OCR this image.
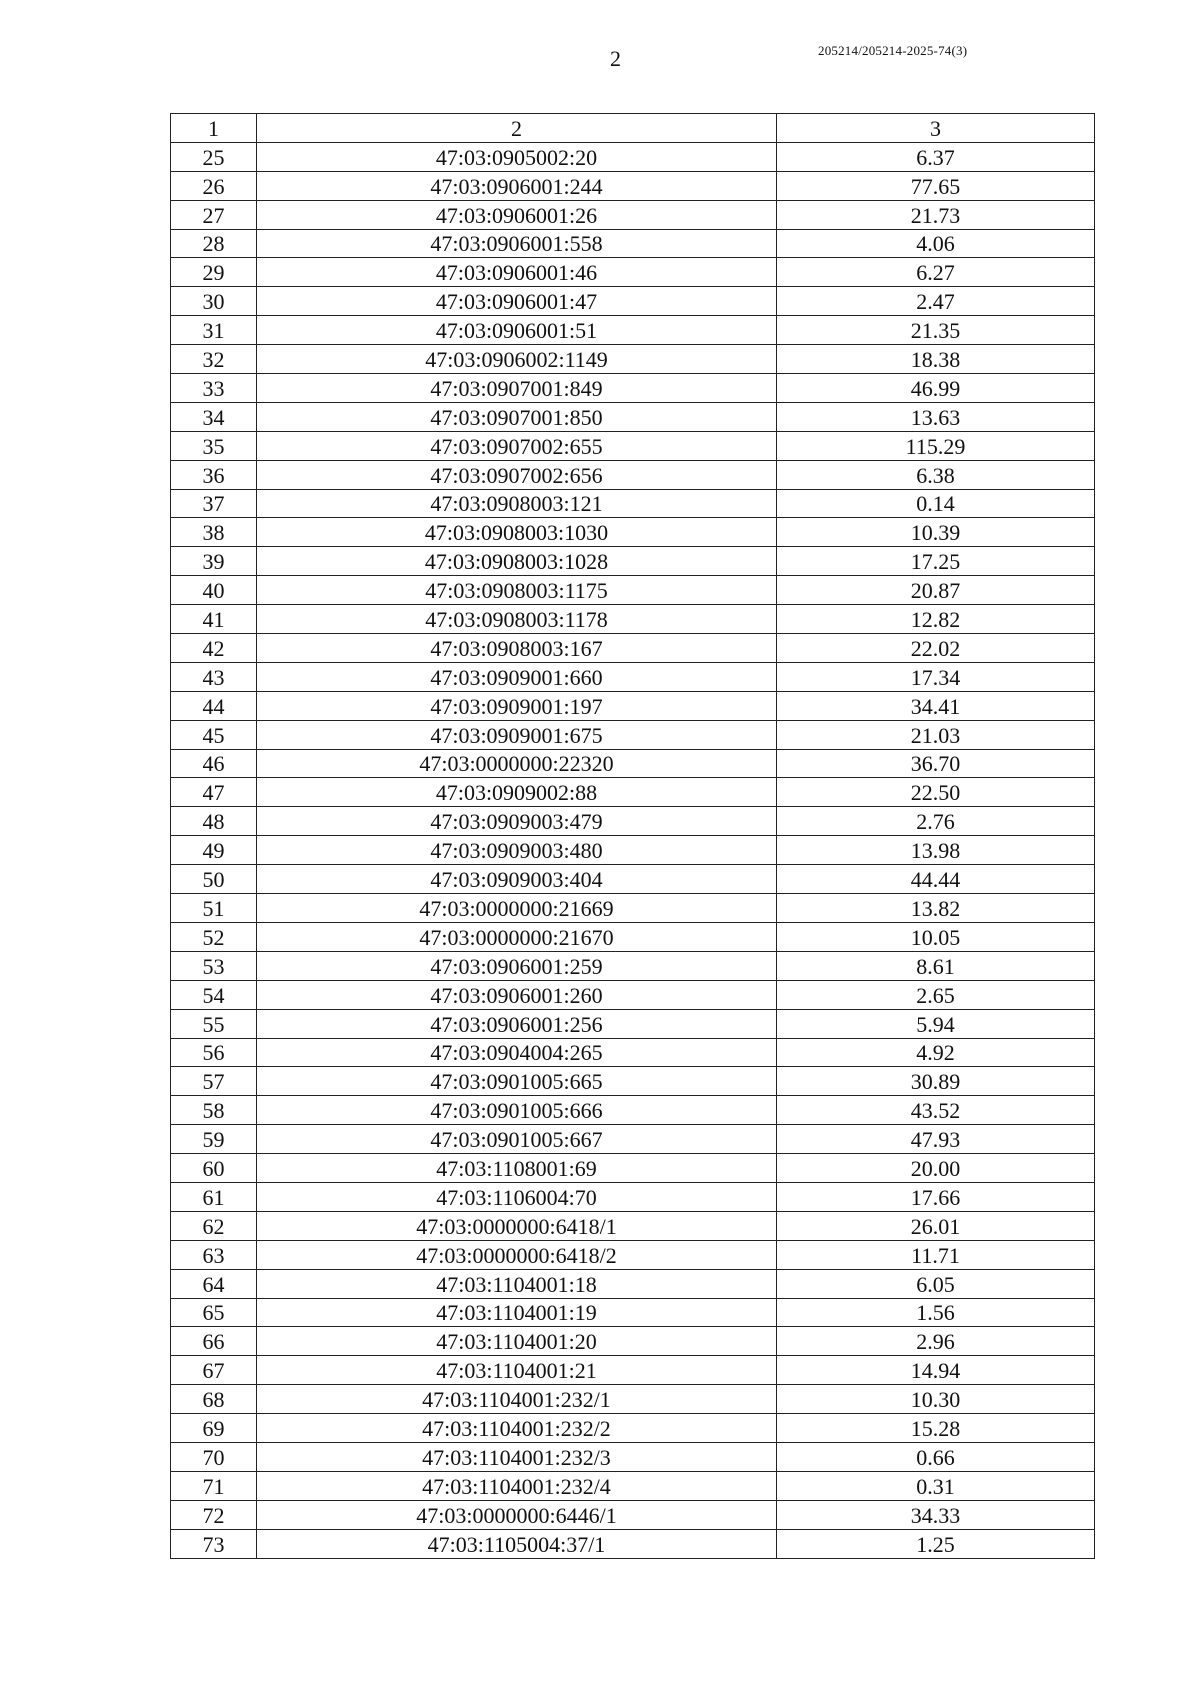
2	205214/205214-2025-74(3)
1	2	3
25	47:03:0905002:20	6.37
26	47:03:0906001:244	77.65
27	47:03:0906001:26	21.73
28	47:03:0906001:558	4.06
29	47:03:0906001:46	6.27
30	47:03:0906001:47	2.47
31	47:03:0906001:51	21.35
32	47:03:0906002:1149	18.38
33	47:03:0907001:849	46.99
34	47:03:0907001:850	13.63
35	47:03:0907002:655	115.29
36	47:03:0907002:656	6.38
37	47:03:0908003:121	0.14
38	47:03:0908003:1030	10.39
39	47:03:0908003:1028	17.25
40	47:03:0908003:1175	20.87
41	47:03:0908003:1178	12.82
42	47:03:0908003:167	22.02
43	47:03:0909001:660	17.34
44	47:03:0909001:197	34.41
45	47:03:0909001:675	21.03
46	47:03:0000000:22320	36.70
47	47:03:0909002:88	22.50
48	47:03:0909003:479	2.76
49	47:03:0909003:480	13.98
50	47:03:0909003:404	44.44
51	47:03:0000000:21669	13.82
52	47:03:0000000:21670	10.05
53	47:03:0906001:259	8.61
54	47:03:0906001:260	2.65
55	47:03:0906001:256	5.94
56	47:03:0904004:265	4.92
57	47:03:0901005:665	30.89
58	47:03:0901005:666	43.52
59	47:03:0901005:667	47.93
60	47:03:1108001:69	20.00
61	47:03:1106004:70	17.66
62	47:03:0000000:6418/1	26.01
63	47:03:0000000:6418/2	11.71
64	47:03:1104001:18	6.05
65	47:03:1104001:19	1.56
66	47:03:1104001:20	2.96
67	47:03:1104001:21	14.94
68	47:03:1104001:232/1	10.30
69	47:03:1104001:232/2	15.28
70	47:03:1104001:232/3	0.66
71	47:03:1104001:232/4	0.31
72	47:03:0000000:6446/1	34.33
73	47:03:1105004:37/1	1.25
